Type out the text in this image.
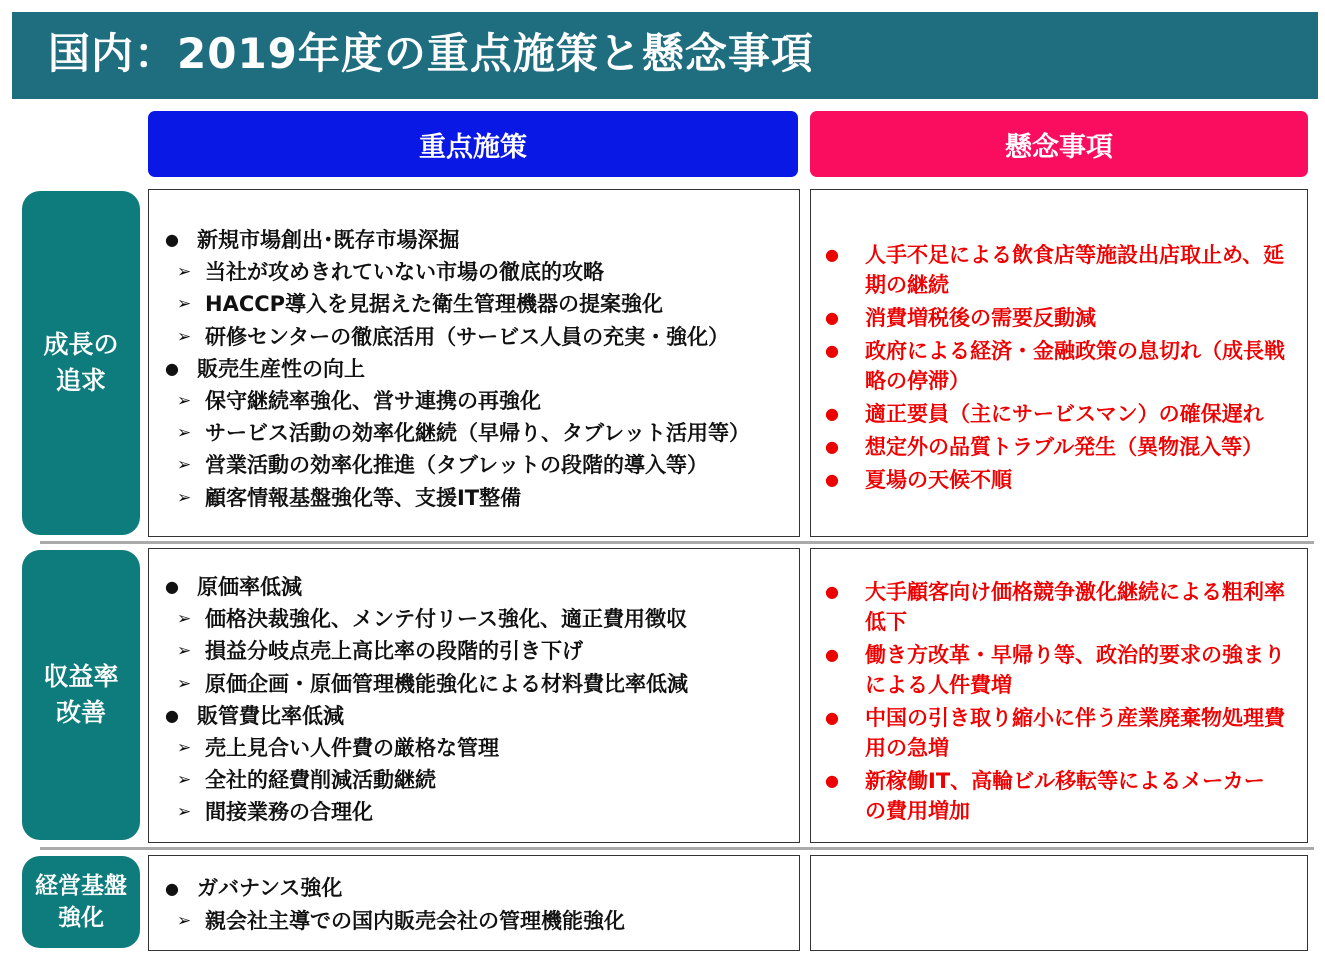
国内：2019年度の重点施策と懸念事項
重点施策	懸念事項
成長の
追求
● 新規市場創出･既存市場深掘
➢ 当社が攻めきれていない市場の徹底的攻略
➢ HACCP導入を見据えた衛生管理機器の提案強化
➢ 研修センターの徹底活用（サービス人員の充実・強化）
● 販売生産性の向上
➢ 保守継続率強化、営サ連携の再強化
➢ サービス活動の効率化継続（早帰り、タブレット活用等）
➢ 営業活動の効率化推進（タブレットの段階的導入等）
➢ 顧客情報基盤強化等、支援IT整備
●	人手不足による飲食店等施設出店取止め、延期の継続
●	消費増税後の需要反動減
●	政府による経済・金融政策の息切れ（成長戦略の停滞）
●	適正要員（主にサービスマン）の確保遅れ
●	想定外の品質トラブル発生（異物混入等）
●	夏場の天候不順
収益率
改善
● 原価率低減
➢ 価格決裁強化、メンテ付リース強化、適正費用徴収
➢ 損益分岐点売上高比率の段階的引き下げ
➢ 原価企画・原価管理機能強化による材料費比率低減
● 販管費比率低減
➢ 売上見合い人件費の厳格な管理
➢ 全社的経費削減活動継続
➢ 間接業務の合理化
●	大手顧客向け価格競争激化継続による粗利率低下
●	働き方改革・早帰り等、政治的要求の強まりによる人件費増
●	中国の引き取り縮小に伴う産業廃棄物処理費用の急増
●	新稼働IT、高輪ビル移転等によるメーカーの費用増加
経営基盤
強化
● ガバナンス強化
➢ 親会社主導での国内販売会社の管理機能強化
